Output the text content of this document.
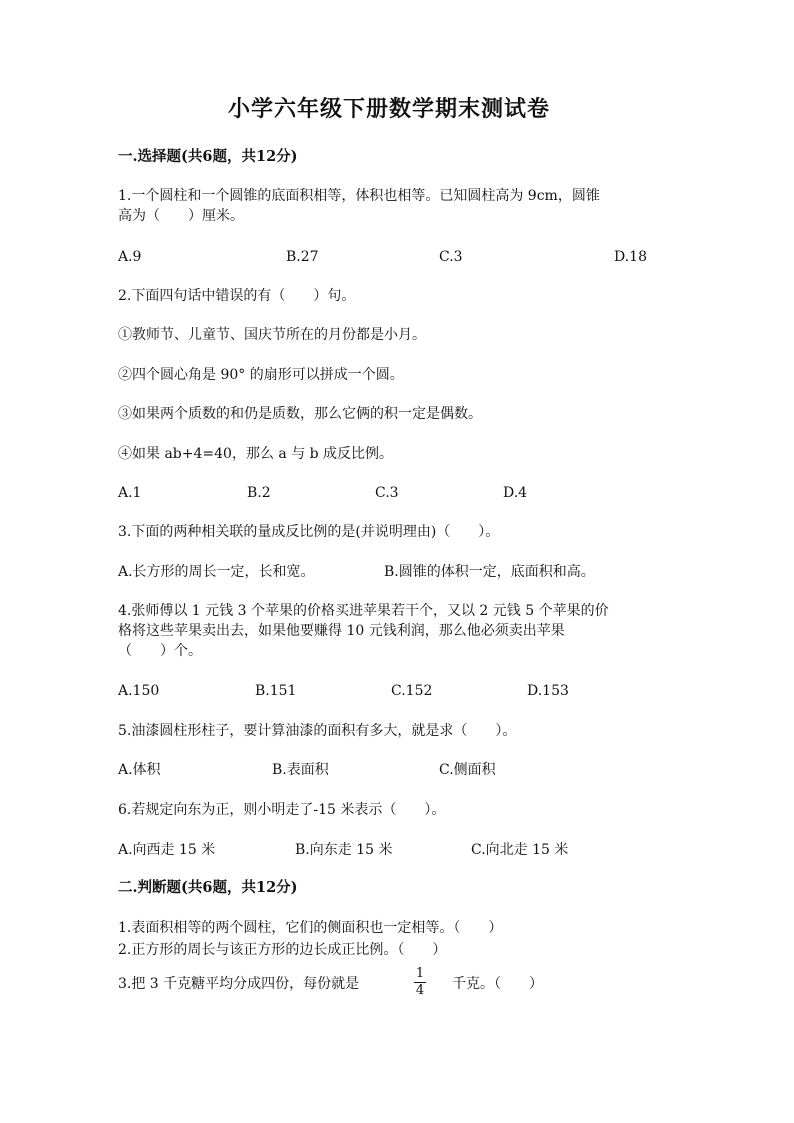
小学六年级下册数学期末测试卷
一.选择题(共6题，共12分)
1.一个圆柱和一个圆锥的底面积相等，体积也相等。已知圆柱高为 9cm，圆锥
高为（　　）厘米。
A.9	B.27	C.3	D.18
2.下面四句话中错误的有（　　）句。
①教师节、儿童节、国庆节所在的月份都是小月。
②四个圆心角是 90° 的扇形可以拼成一个圆。
③如果两个质数的和仍是质数，那么它俩的积一定是偶数。
④如果 ab+4=40，那么 a 与 b 成反比例。
A.1	B.2	C.3	D.4
3.下面的两种相关联的量成反比例的是(并说明理由)（　　）。
A.长方形的周长一定，长和宽。	B.圆锥的体积一定，底面积和高。
4.张师傅以 1 元钱 3 个苹果的价格买进苹果若干个，又以 2 元钱 5 个苹果的价
格将这些苹果卖出去，如果他要赚得 10 元钱利润，那么他必须卖出苹果
（　　）个。
A.150	B.151	C.152	D.153
5.油漆圆柱形柱子，要计算油漆的面积有多大，就是求（　　）。
A.体积	B.表面积	C.侧面积
6.若规定向东为正，则小明走了-15 米表示（　　）。
A.向西走 15 米	B.向东走 15 米	C.向北走 15 米
二.判断题(共6题，共12分)
1.表面积相等的两个圆柱，它们的侧面积也一定相等。（　　）
2.正方形的周长与该正方形的边长成正比例。（　　）
3.把 3 千克糖平均分成四份，每份就是
1
4 千克。（　　）
